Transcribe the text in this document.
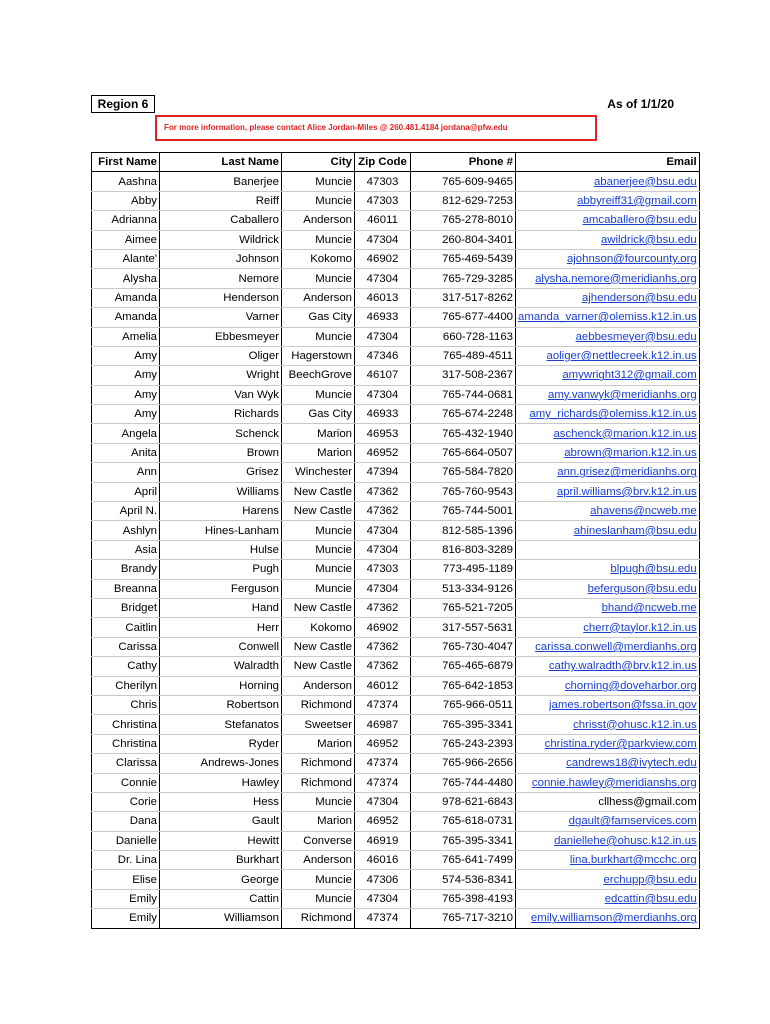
Region 6	As of 1/1/20
For more information, please contact Alice Jordan-Miles @ 260.481.4184 jordana@pfw.edu
First Name	Last Name	City	Zip Code	Phone #	Email
Aashna	Banerjee	Muncie	47303	765-609-9465	abanerjee@bsu.edu
Abby	Reiff	Muncie	47303	812-629-7253	abbyreiff31@gmail.com
Adrianna	Caballero	Anderson	46011	765-278-8010	amcaballero@bsu.edu
Aimee	Wildrick	Muncie	47304	260-804-3401	awildrick@bsu.edu
Alante'	Johnson	Kokomo	46902	765-469-5439	ajohnson@fourcounty.org
Alysha	Nemore	Muncie	47304	765-729-3285	alysha.nemore@meridianhs.org
Amanda	Henderson	Anderson	46013	317-517-8262	ajhenderson@bsu.edu
Amanda	Varner	Gas City	46933	765-677-4400	amanda_varner@olemiss.k12.in.us
Amelia	Ebbesmeyer	Muncie	47304	660-728-1163	aebbesmeyer@bsu.edu
Amy	Oliger	Hagerstown	47346	765-489-4511	aoliger@nettlecreek.k12.in.us
Amy	Wright	BeechGrove	46107	317-508-2367	amywright312@gmail.com
Amy	Van Wyk	Muncie	47304	765-744-0681	amy.vanwyk@meridianhs.org
Amy	Richards	Gas City	46933	765-674-2248	amy_richards@olemiss.k12.in.us
Angela	Schenck	Marion	46953	765-432-1940	aschenck@marion.k12.in.us
Anita	Brown	Marion	46952	765-664-0507	abrown@marion.k12.in.us
Ann	Grisez	Winchester	47394	765-584-7820	ann.grisez@meridianhs.org
April	Williams	New Castle	47362	765-760-9543	april.williams@brv.k12.in.us
April N.	Harens	New Castle	47362	765-744-5001	ahavens@ncweb.me
Ashlyn	Hines-Lanham	Muncie	47304	812-585-1396	ahineslanham@bsu.edu
Asia	Hulse	Muncie	47304	816-803-3289	
Brandy	Pugh	Muncie	47303	773-495-1189	blpugh@bsu.edu
Breanna	Ferguson	Muncie	47304	513-334-9126	beferguson@bsu.edu
Bridget	Hand	New Castle	47362	765-521-7205	bhand@ncweb.me
Caitlin	Herr	Kokomo	46902	317-557-5631	cherr@taylor.k12.in.us
Carissa	Conwell	New Castle	47362	765-730-4047	carissa.conwell@merdianhs.org
Cathy	Walradth	New Castle	47362	765-465-6879	cathy.walradth@brv.k12.in.us
Cherilyn	Horning	Anderson	46012	765-642-1853	chorning@doveharbor.org
Chris	Robertson	Richmond	47374	765-966-0511	james.robertson@fssa.in.gov
Christina	Stefanatos	Sweetser	46987	765-395-3341	chrisst@ohusc.k12.in.us
Christina	Ryder	Marion	46952	765-243-2393	christina.ryder@parkview.com
Clarissa	Andrews-Jones	Richmond	47374	765-966-2656	candrews18@ivytech.edu
Connie	Hawley	Richmond	47374	765-744-4480	connie.hawley@meridianshs.org
Corie	Hess	Muncie	47304	978-621-6843	cllhess@gmail.com
Dana	Gault	Marion	46952	765-618-0731	dgault@famservices.com
Danielle	Hewitt	Converse	46919	765-395-3341	daniellehe@ohusc.k12.in.us
Dr. Lina	Burkhart	Anderson	46016	765-641-7499	lina.burkhart@mcchc.org
Elise	George	Muncie	47306	574-536-8341	erchupp@bsu.edu
Emily	Cattin	Muncie	47304	765-398-4193	edcattin@bsu.edu
Emily	Williamson	Richmond	47374	765-717-3210	emily.williamson@merdianhs.org
